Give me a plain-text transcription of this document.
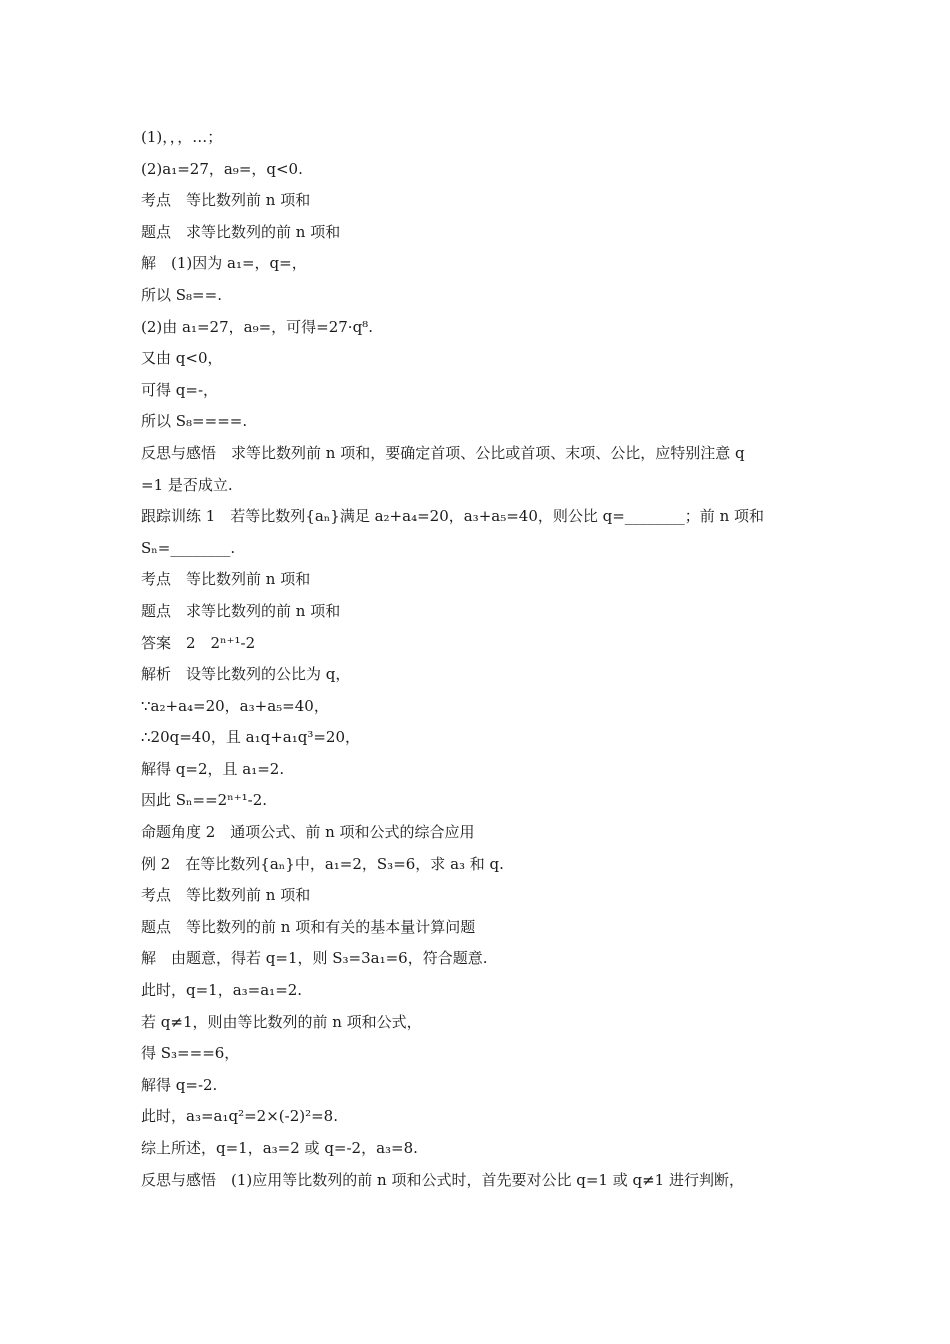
(1)，，，…；
(2)a₁=27，a₉=，q<0.
考点　等比数列前 n 项和
题点　求等比数列的前 n 项和
解　(1)因为 a₁=，q=，
所以 S₈==.
(2)由 a₁=27，a₉=，可得=27·q⁸.
又由 q<0，
可得 q=-，
所以 S₈====.
反思与感悟　求等比数列前 n 项和，要确定首项、公比或首项、末项、公比，应特别注意 q
=1 是否成立.
跟踪训练 1　若等比数列{aₙ}满足 a₂+a₄=20，a₃+a₅=40，则公比 q=________；前 n 项和
Sₙ=________.
考点　等比数列前 n 项和
题点　求等比数列的前 n 项和
答案　2　2ⁿ⁺¹-2
解析　设等比数列的公比为 q，
∵a₂+a₄=20，a₃+a₅=40，
∴20q=40，且 a₁q+a₁q³=20，
解得 q=2，且 a₁=2.
因此 Sₙ==2ⁿ⁺¹-2.
命题角度 2　通项公式、前 n 项和公式的综合应用
例 2　在等比数列{aₙ}中，a₁=2，S₃=6，求 a₃ 和 q.
考点　等比数列前 n 项和
题点　等比数列的前 n 项和有关的基本量计算问题
解　由题意，得若 q=1，则 S₃=3a₁=6，符合题意.
此时，q=1，a₃=a₁=2.
若 q≠1，则由等比数列的前 n 项和公式，
得 S₃===6，
解得 q=-2.
此时，a₃=a₁q²=2×(-2)²=8.
综上所述，q=1，a₃=2 或 q=-2，a₃=8.
反思与感悟　(1)应用等比数列的前 n 项和公式时，首先要对公比 q=1 或 q≠1 进行判断，
